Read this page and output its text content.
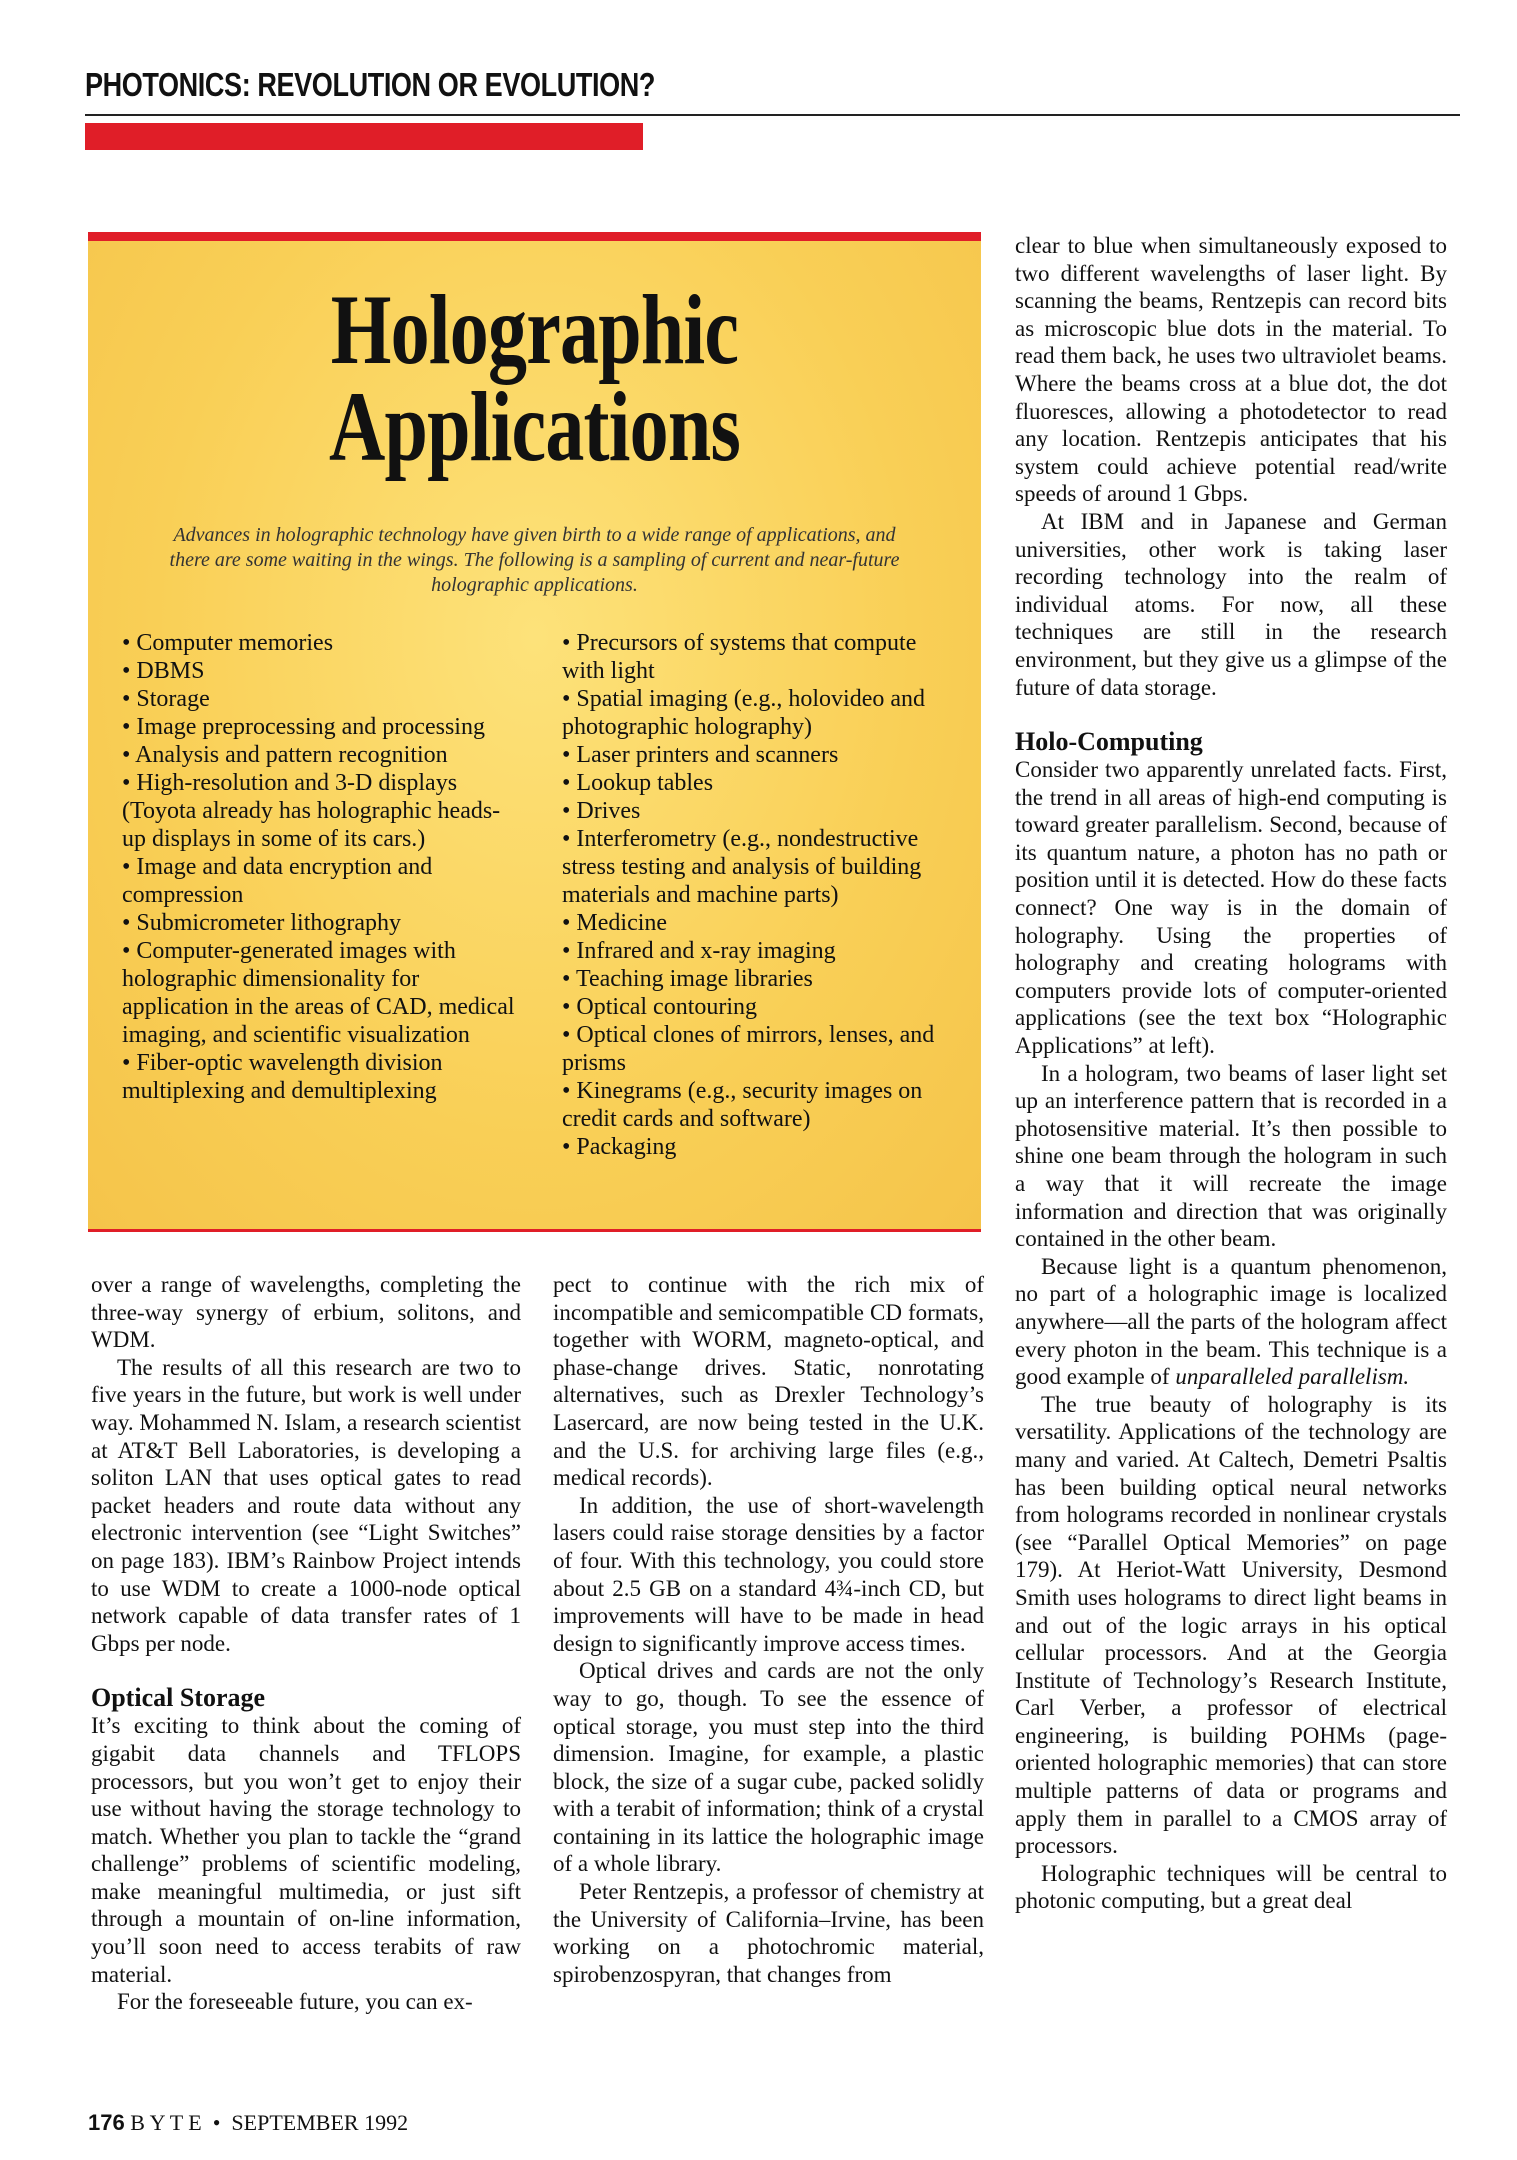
PHOTONICS: REVOLUTION OR EVOLUTION?
Holographic
Applications
Advances in holographic technology have given birth to a wide range of applications, and there are some waiting in the wings. The following is a sampling of current and near-future holographic applications.
• Computer memories
• DBMS
• Storage
• Image preprocessing and processing
• Analysis and pattern recognition
• High-resolution and 3-D displays (Toyota already has holographic heads-up displays in some of its cars.)
• Image and data encryption and compression
• Submicrometer lithography
• Computer-generated images with holographic dimensionality for application in the areas of CAD, medical imaging, and scientific visualization
• Fiber-optic wavelength division multiplexing and demultiplexing
• Precursors of systems that compute with light
• Spatial imaging (e.g., holovideo and photographic holography)
• Laser printers and scanners
• Lookup tables
• Drives
• Interferometry (e.g., nondestructive stress testing and analysis of building materials and machine parts)
• Medicine
• Infrared and x-ray imaging
• Teaching image libraries
• Optical contouring
• Optical clones of mirrors, lenses, and prisms
• Kinegrams (e.g., security images on credit cards and software)
• Packaging

over a range of wavelengths, completing the three-way synergy of erbium, solitons, and WDM.

The results of all this research are two to five years in the future, but work is well under way. Mohammed N. Islam, a research scientist at AT&T Bell Laboratories, is developing a soliton LAN that uses optical gates to read packet headers and route data without any electronic intervention (see “Light Switches” on page 183). IBM’s Rainbow Project intends to use WDM to create a 1000-node optical network capable of data transfer rates of 1 Gbps per node.

Optical Storage

It’s exciting to think about the coming of gigabit data channels and TFLOPS processors, but you won’t get to enjoy their use without having the storage technology to match. Whether you plan to tackle the “grand challenge” problems of scientific modeling, make meaningful multimedia, or just sift through a mountain of on-line information, you’ll soon need to access terabits of raw material.

For the foreseeable future, you can ex-

pect to continue with the rich mix of incompatible and semicompatible CD formats, together with WORM, magneto-optical, and phase-change drives. Static, nonrotating alternatives, such as Drexler Technology’s Lasercard, are now being tested in the U.K. and the U.S. for archiving large files (e.g., medical records).

In addition, the use of short-wavelength lasers could raise storage densities by a factor of four. With this technology, you could store about 2.5 GB on a standard 4¾-inch CD, but improvements will have to be made in head design to significantly improve access times.

Optical drives and cards are not the only way to go, though. To see the essence of optical storage, you must step into the third dimension. Imagine, for example, a plastic block, the size of a sugar cube, packed solidly with a terabit of information; think of a crystal containing in its lattice the holographic image of a whole library.

Peter Rentzepis, a professor of chemistry at the University of California–Irvine, has been working on a photochromic material, spirobenzospyran, that changes from

clear to blue when simultaneously exposed to two different wavelengths of laser light. By scanning the beams, Rentzepis can record bits as microscopic blue dots in the material. To read them back, he uses two ultraviolet beams. Where the beams cross at a blue dot, the dot fluoresces, allowing a photodetector to read any location. Rentzepis anticipates that his system could achieve potential read/write speeds of around 1 Gbps.

At IBM and in Japanese and German universities, other work is taking laser recording technology into the realm of individual atoms. For now, all these techniques are still in the research environment, but they give us a glimpse of the future of data storage.

Holo-Computing

Consider two apparently unrelated facts. First, the trend in all areas of high-end computing is toward greater parallelism. Second, because of its quantum nature, a photon has no path or position until it is detected. How do these facts connect? One way is in the domain of holography. Using the properties of holography and creating holograms with computers provide lots of computer-oriented applications (see the text box “Holographic Applications” at left).

In a hologram, two beams of laser light set up an interference pattern that is recorded in a photosensitive material. It’s then possible to shine one beam through the hologram in such a way that it will recreate the image information and direction that was originally contained in the other beam.

Because light is a quantum phenomenon, no part of a holographic image is localized anywhere—all the parts of the hologram affect every photon in the beam. This technique is a good example of unparalleled parallelism.

The true beauty of holography is its versatility. Applications of the technology are many and varied. At Caltech, Demetri Psaltis has been building optical neural networks from holograms recorded in nonlinear crystals (see “Parallel Optical Memories” on page 179). At Heriot-Watt University, Desmond Smith uses holograms to direct light beams in and out of the logic arrays in his optical cellular processors. And at the Georgia Institute of Technology’s Research Institute, Carl Verber, a professor of electrical engineering, is building POHMs (page-oriented holographic memories) that can store multiple patterns of data or programs and apply them in parallel to a CMOS array of processors.

Holographic techniques will be central to photonic computing, but a great deal

176 B Y T E  •  SEPTEMBER 1992
